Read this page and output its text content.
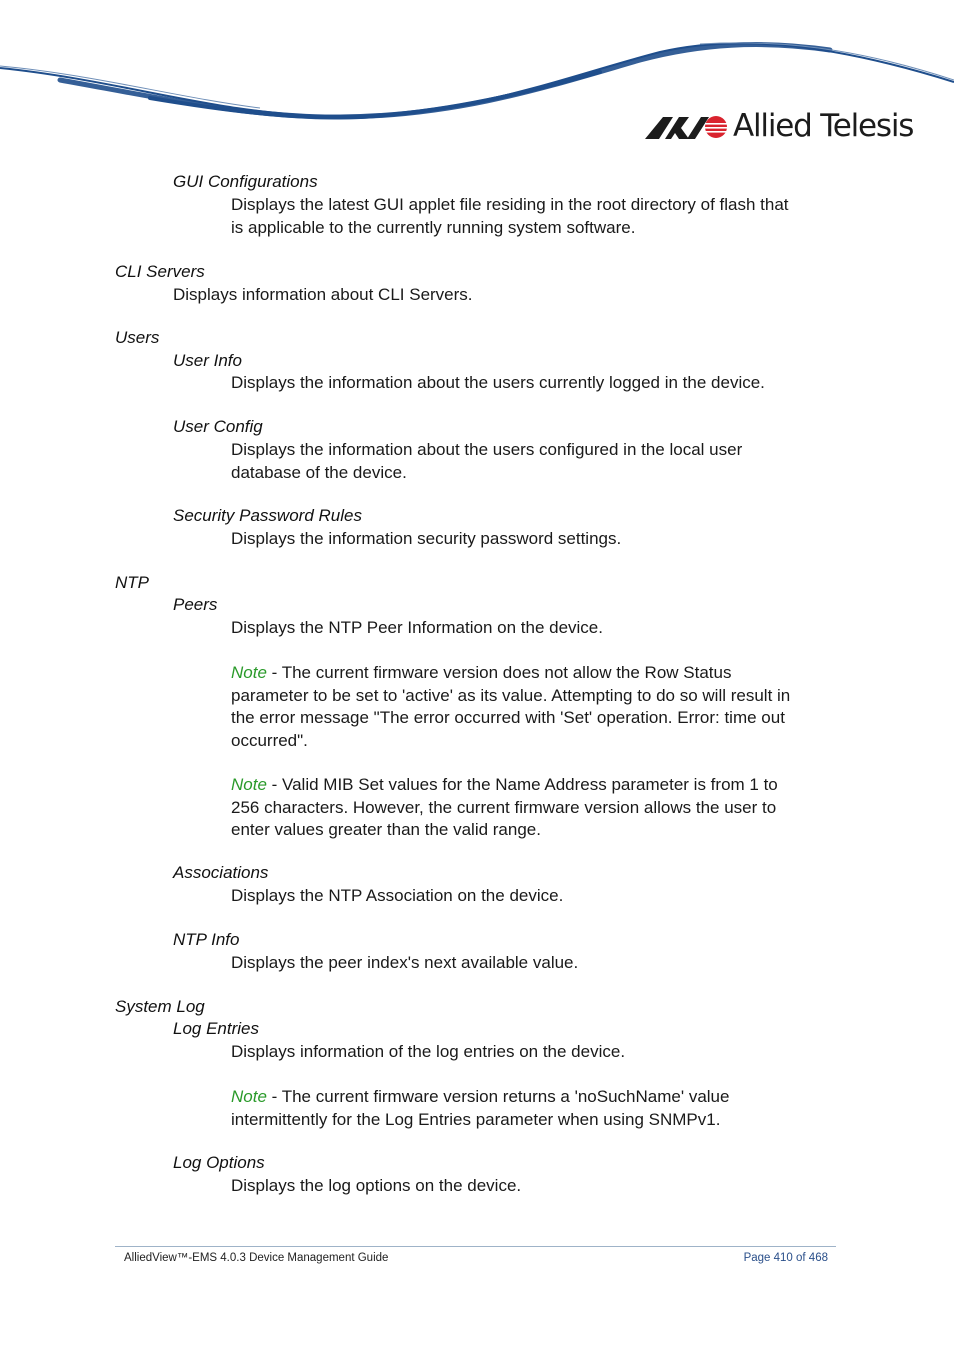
Allied Telesis
GUI Configurations
Displays the latest GUI applet file residing in the root directory of flash that
is applicable to the currently running system software.
CLI Servers
Displays information about CLI Servers.
Users
User Info
Displays the information about the users currently logged in the device.
User Config
Displays the information about the users configured in the local user
database of the device.
Security Password Rules
Displays the information security password settings.
NTP
Peers
Displays the NTP Peer Information on the device.
Note - The current firmware version does not allow the Row Status
parameter to be set to 'active' as its value. Attempting to do so will result in
the error message "The error occurred with 'Set' operation. Error: time out
occurred".
Note - Valid MIB Set values for the Name Address parameter is from 1 to
256 characters. However, the current firmware version allows the user to
enter values greater than the valid range.
Associations
Displays the NTP Association on the device.
NTP Info
Displays the peer index's next available value.
System Log
Log Entries
Displays information of the log entries on the device.
Note - The current firmware version returns a 'noSuchName' value
intermittently for the Log Entries parameter when using SNMPv1.
Log Options
Displays the log options on the device.
AlliedView™-EMS 4.0.3 Device Management Guide	Page 410 of 468
